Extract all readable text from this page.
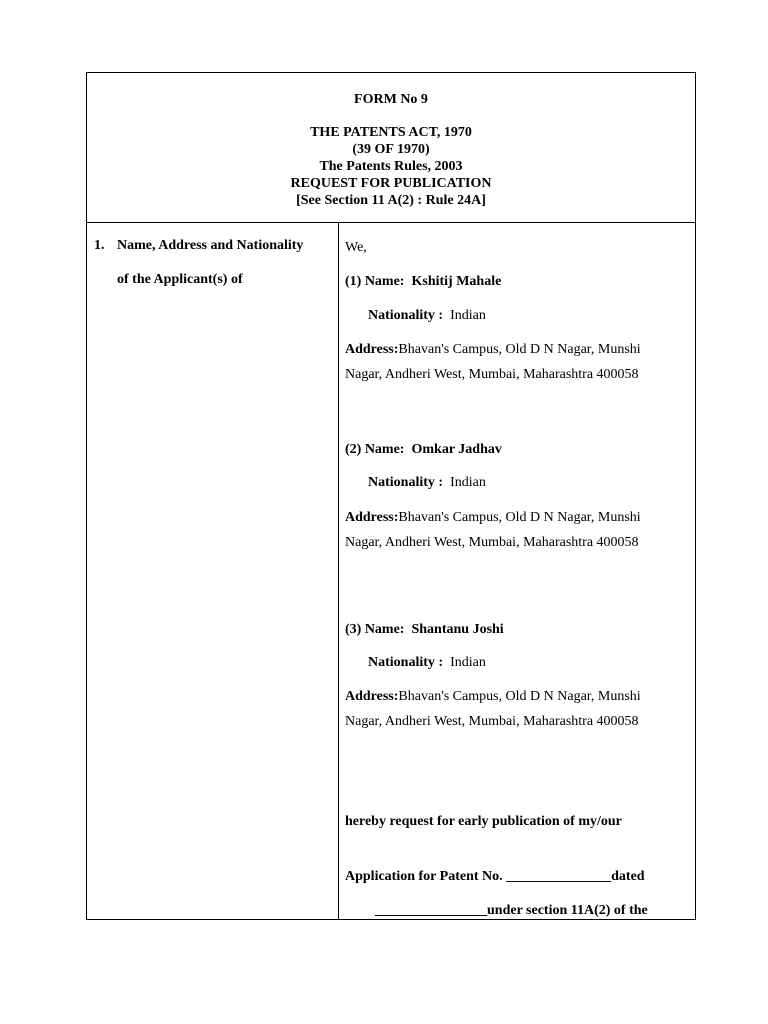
FORM No 9
THE PATENTS ACT, 1970
(39 OF 1970)
The Patents Rules, 2003
REQUEST FOR PUBLICATION
[See Section 11 A(2) : Rule 24A]
1. Name, Address and Nationality
of the Applicant(s) of
We,
(1) Name: Kshitij Mahale
Nationality : Indian
Address:Bhavan's Campus, Old D N Nagar, Munshi
Nagar, Andheri West, Mumbai, Maharashtra 400058
(2) Name: Omkar Jadhav
Nationality : Indian
Address:Bhavan's Campus, Old D N Nagar, Munshi
Nagar, Andheri West, Mumbai, Maharashtra 400058
(3) Name: Shantanu Joshi
Nationality : Indian
Address:Bhavan's Campus, Old D N Nagar, Munshi
Nagar, Andheri West, Mumbai, Maharashtra 400058
hereby request for early publication of my/our
Application for Patent No. _______________dated
________________under section 11A(2) of the
